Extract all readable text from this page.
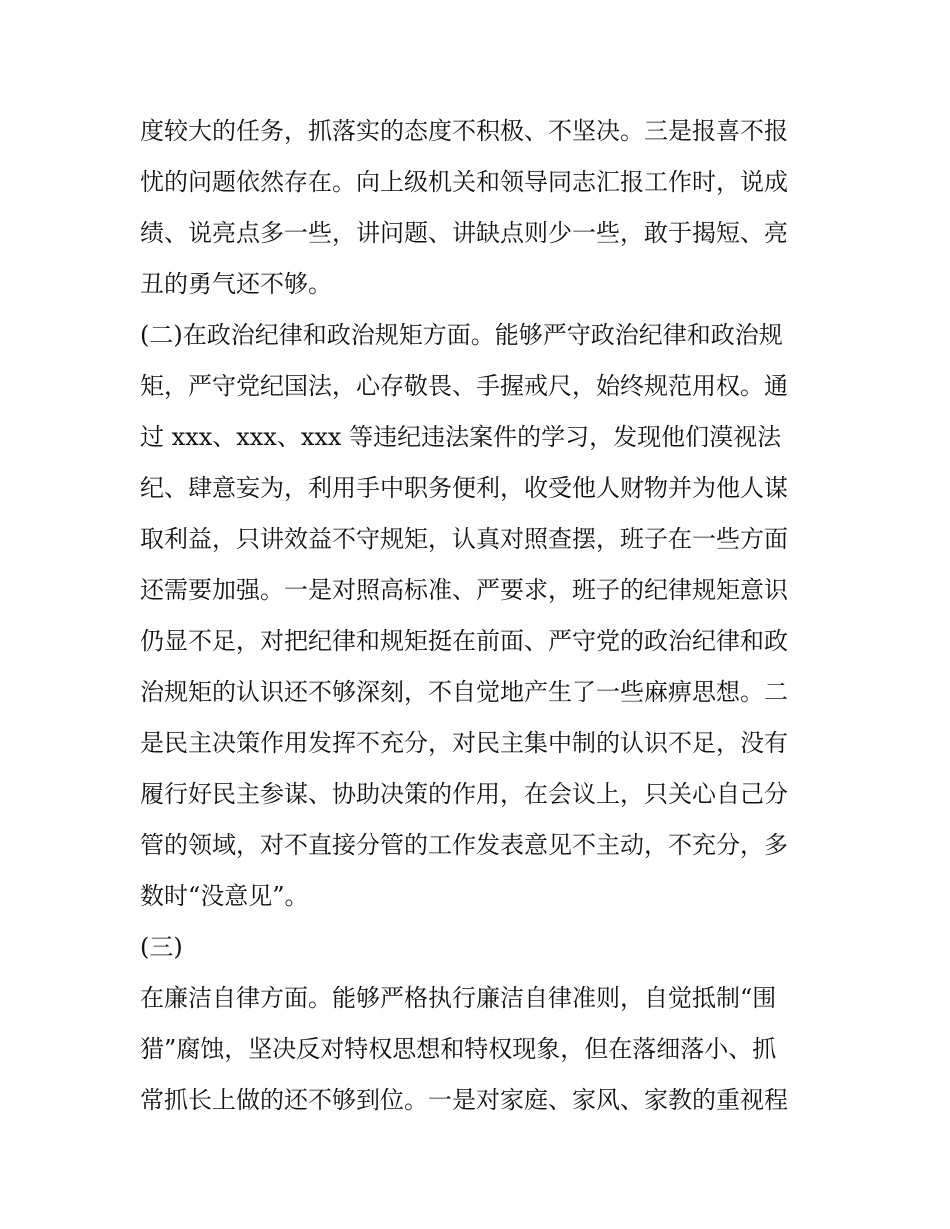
度较大的任务，抓落实的态度不积极、不坚决。三是报喜不报
忧的问题依然存在。向上级机关和领导同志汇报工作时，说成
绩、说亮点多一些，讲问题、讲缺点则少一些，敢于揭短、亮
丑的勇气还不够。
(二)在政治纪律和政治规矩方面。能够严守政治纪律和政治规
矩，严守党纪国法，心存敬畏、手握戒尺，始终规范用权。通
过 xxx、xxx、xxx 等违纪违法案件的学习，发现他们漠视法
纪、肆意妄为，利用手中职务便利，收受他人财物并为他人谋
取利益，只讲效益不守规矩，认真对照查摆，班子在一些方面
还需要加强。一是对照高标准、严要求，班子的纪律规矩意识
仍显不足，对把纪律和规矩挺在前面、严守党的政治纪律和政
治规矩的认识还不够深刻，不自觉地产生了一些麻痹思想。二
是民主决策作用发挥不充分，对民主集中制的认识不足，没有
履行好民主参谋、协助决策的作用，在会议上，只关心自己分
管的领域，对不直接分管的工作发表意见不主动，不充分，多
数时“没意见”。
(三)
在廉洁自律方面。能够严格执行廉洁自律准则，自觉抵制“围
猎”腐蚀，坚决反对特权思想和特权现象，但在落细落小、抓
常抓长上做的还不够到位。一是对家庭、家风、家教的重视程
